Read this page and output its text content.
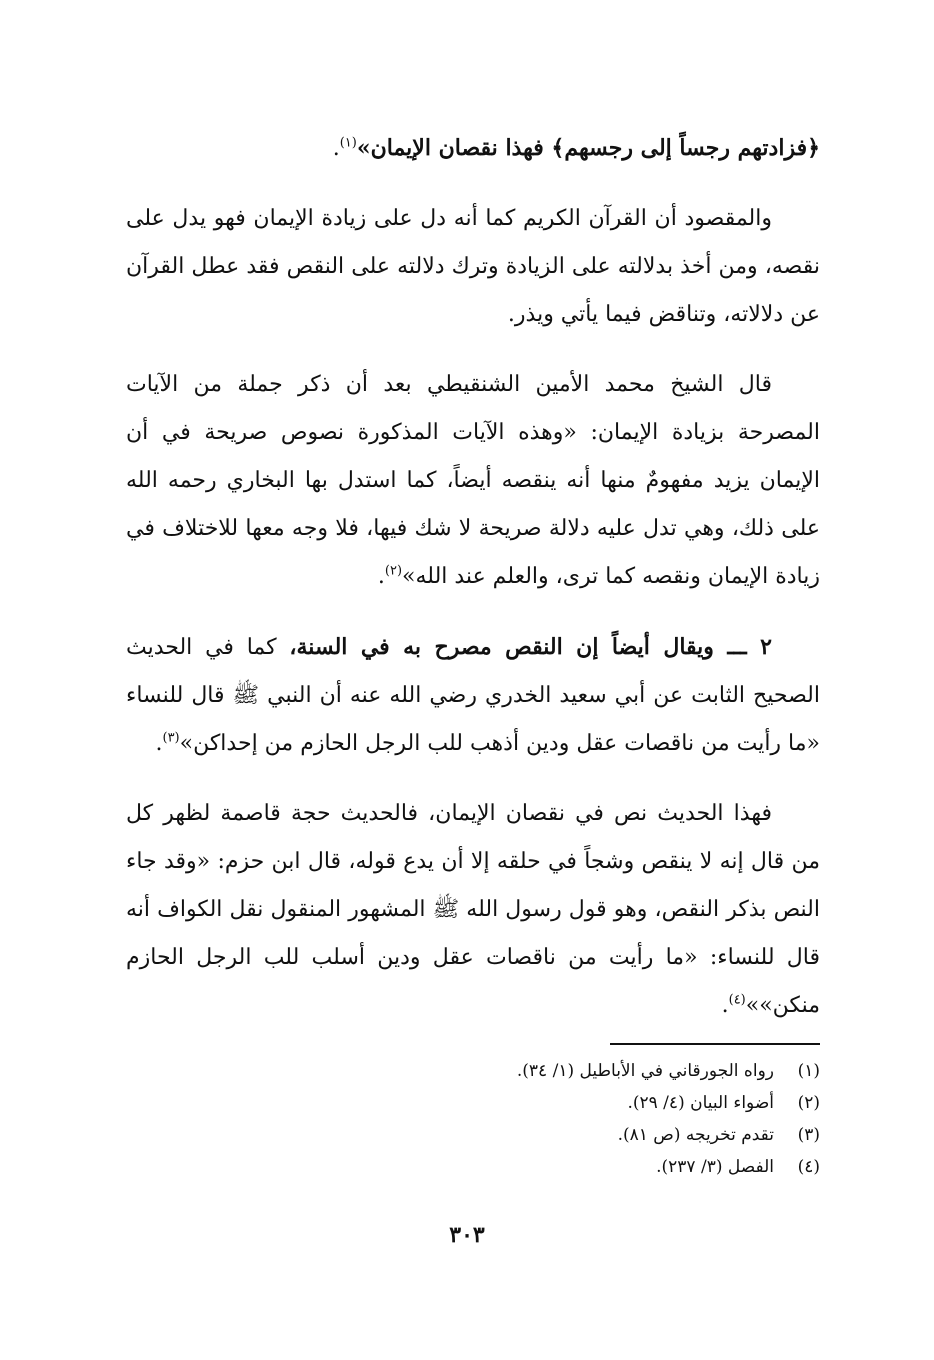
﴿فزادتهم رجساً إلى رجسهم﴾ فهذا نقصان الإيمان»$^{(١)}$.

والمقصود أن القرآن الكريم كما أنه دل على زيادة الإيمان فهو يدل على نقصه، ومن أخذ بدلالته على الزيادة وترك دلالته على النقص فقد عطل القرآن عن دلالاته، وتناقض فيما يأتي ويذر.

قال الشيخ محمد الأمين الشنقيطي بعد أن ذكر جملة من الآيات المصرحة بزيادة الإيمان: «وهذه الآيات المذكورة نصوص صريحة في أن الإيمان يزيد مفهومٌ منها أنه ينقصه أيضاً، كما استدل بها البخاري رحمه الله على ذلك، وهي تدل عليه دلالة صريحة لا شك فيها، فلا وجه معها للاختلاف في زيادة الإيمان ونقصه كما ترى، والعلم عند الله»$^{(٢)}$.

٢ ـــ ويقال أيضاً إن النقص مصرح به في السنة، كما في الحديث الصحيح الثابت عن أبي سعيد الخدري رضي الله عنه أن النبي ﷺ قال للنساء «ما رأيت من ناقصات عقل ودين أذهب للب الرجل الحازم من إحداكن»$^{(٣)}$.

فهذا الحديث نص في نقصان الإيمان، فالحديث حجة قاصمة لظهر كل من قال إنه لا ينقص وشجاً في حلقه إلا أن يدع قوله، قال ابن حزم: «وقد جاء النص بذكر النقص، وهو قول رسول الله ﷺ المشهور المنقول نقل الكواف أنه قال للنساء: «ما رأيت من ناقصات عقل ودين أسلب للب الرجل الحازم منكن»»$^{(٤)}$.

(١)
رواه الجورقاني في الأباطيل (١/ ٣٤).
(٢)
أضواء البيان (٤/ ٢٩).
(٣)
تقدم تخريجه (ص ٨١).
(٤)
الفصل (٣/ ٢٣٧).
٣٠٣
